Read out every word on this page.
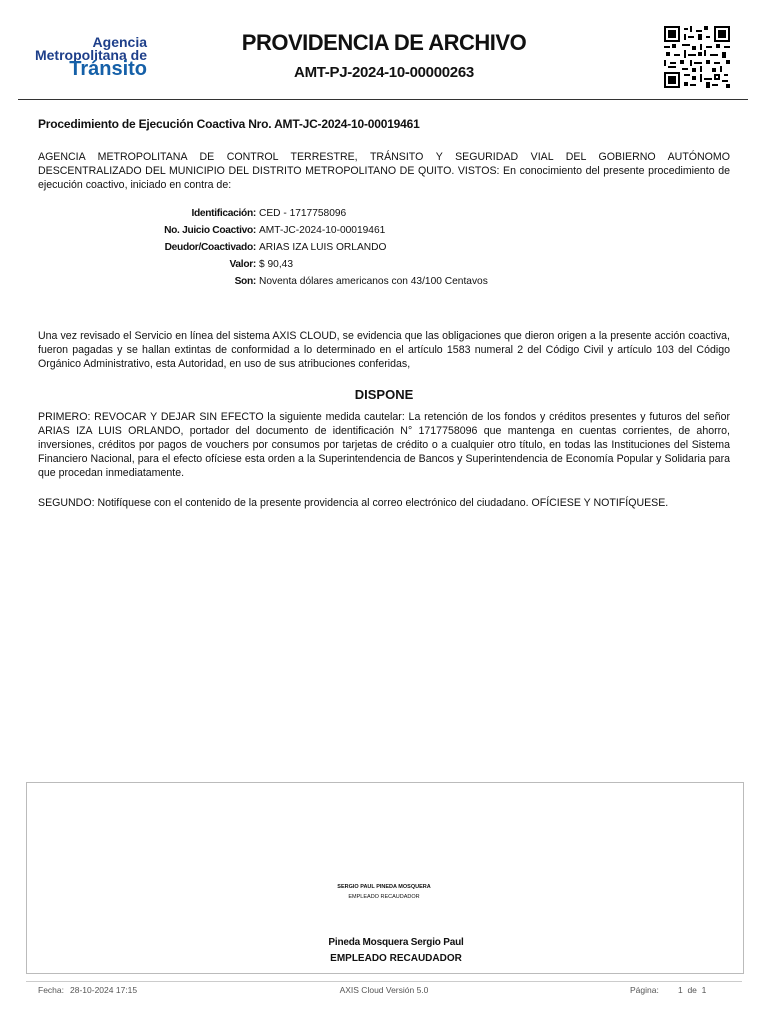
Agencia
Metropolitana de
Tránsito
PROVIDENCIA DE ARCHIVO
AMT-PJ-2024-10-00000263
Procedimiento de Ejecución Coactiva Nro. AMT-JC-2024-10-00019461
AGENCIA METROPOLITANA DE CONTROL TERRESTRE, TRÁNSITO Y SEGURIDAD VIAL DEL GOBIERNO AUTÓNOMO DESCENTRALIZADO DEL MUNICIPIO DEL DISTRITO METROPOLITANO DE QUITO. VISTOS: En conocimiento del presente procedimiento de ejecución coactivo, iniciado en contra de:
Identificación: CED - 1717758096
No. Juicio Coactivo: AMT-JC-2024-10-00019461
Deudor/Coactivado: ARIAS IZA LUIS ORLANDO
Valor: $ 90,43
Son: Noventa dólares americanos con 43/100 Centavos
Una vez revisado el Servicio en línea del sistema AXIS CLOUD, se evidencia que las obligaciones que dieron origen a la presente acción coactiva, fueron pagadas y se hallan extintas de conformidad a lo determinado en el artículo 1583 numeral 2 del Código Civil y artículo 103 del Código Orgánico Administrativo, esta Autoridad, en uso de sus atribuciones conferidas,
DISPONE
PRIMERO: REVOCAR Y DEJAR SIN EFECTO la siguiente medida cautelar: La retención de los fondos y créditos presentes y futuros del señor ARIAS IZA LUIS ORLANDO, portador del documento de identificación N° 1717758096 que mantenga en cuentas corrientes, de ahorro, inversiones, créditos por pagos de vouchers por consumos por tarjetas de crédito o a cualquier otro título, en todas las Instituciones del Sistema Financiero Nacional, para el efecto ofíciese esta orden a la Superintendencia de Bancos y Superintendencia de Economía Popular y Solidaria para que procedan inmediatamente.
SEGUNDO: Notifíquese con el contenido de la presente providencia al correo electrónico del ciudadano. OFÍCIESE Y NOTIFÍQUESE.
SERGIO PAUL PINEDA MOSQUERA
EMPLEADO RECAUDADOR
Pineda Mosquera Sergio Paul
EMPLEADO RECAUDADOR
Fecha: 28-10-2024 17:15	AXIS Cloud Versión 5.0	Página: 1  de  1
